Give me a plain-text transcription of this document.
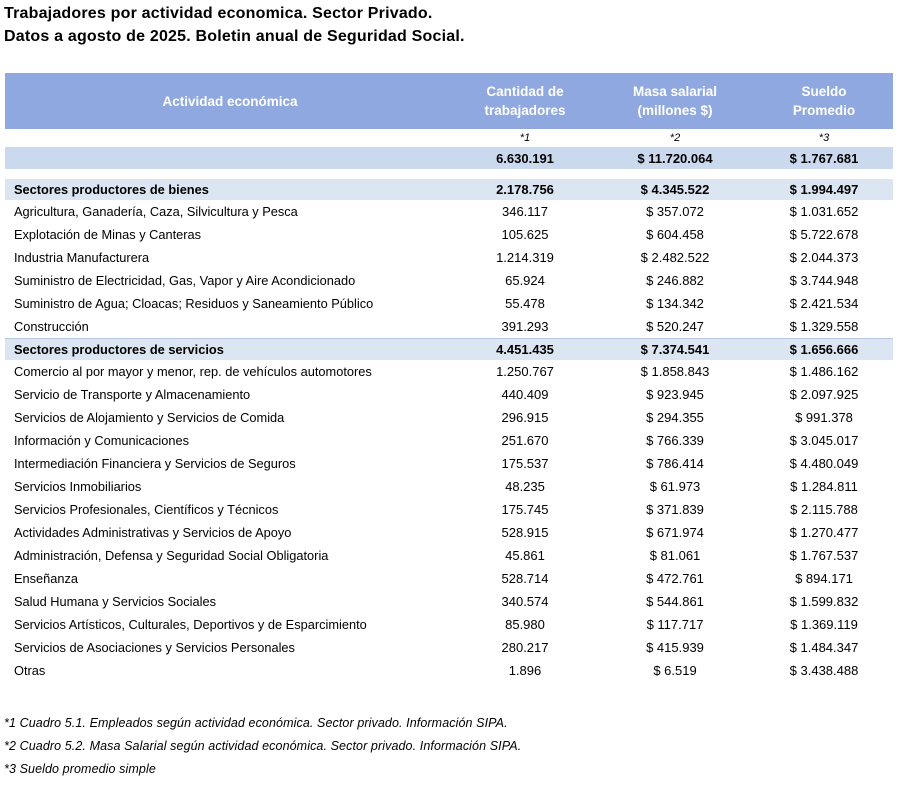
Trabajadores por actividad economica. Sector Privado.
Datos a agosto de 2025. Boletin anual de Seguridad Social.
Actividad económica	
Cantidad de
trabajadores

Masa salarial
(millones $)

Sueldo
Promedio

	*1	*2	*3
	6.630.191	$ 11.720.064	$ 1.767.681
Sectores productores de bienes	2.178.756	$ 4.345.522	$ 1.994.497
Agricultura, Ganadería, Caza, Silvicultura y Pesca	346.117	$ 357.072	$ 1.031.652
Explotación de Minas y Canteras	105.625	$ 604.458	$ 5.722.678
Industria Manufacturera	1.214.319	$ 2.482.522	$ 2.044.373
Suministro de Electricidad, Gas, Vapor y Aire Acondicionado	65.924	$ 246.882	$ 3.744.948
Suministro de Agua; Cloacas; Residuos y Saneamiento Público	55.478	$ 134.342	$ 2.421.534
Construcción	391.293	$ 520.247	$ 1.329.558
Sectores productores de servicios	4.451.435	$ 7.374.541	$ 1.656.666
Comercio al por mayor y menor, rep. de vehículos automotores	1.250.767	$ 1.858.843	$ 1.486.162
Servicio de Transporte y Almacenamiento	440.409	$ 923.945	$ 2.097.925
Servicios de Alojamiento y Servicios de Comida	296.915	$ 294.355	$ 991.378
Información y Comunicaciones	251.670	$ 766.339	$ 3.045.017
Intermediación Financiera y Servicios de Seguros	175.537	$ 786.414	$ 4.480.049
Servicios Inmobiliarios	48.235	$ 61.973	$ 1.284.811
Servicios Profesionales, Científicos y Técnicos	175.745	$ 371.839	$ 2.115.788
Actividades Administrativas y Servicios de Apoyo	528.915	$ 671.974	$ 1.270.477
Administración, Defensa y Seguridad Social Obligatoria	45.861	$ 81.061	$ 1.767.537
Enseñanza	528.714	$ 472.761	$ 894.171
Salud Humana y Servicios Sociales	340.574	$ 544.861	$ 1.599.832
Servicios Artísticos, Culturales, Deportivos y de Esparcimiento	85.980	$ 117.717	$ 1.369.119
Servicios de Asociaciones y Servicios Personales	280.217	$ 415.939	$ 1.484.347
Otras	1.896	$ 6.519	$ 3.438.488
*1 Cuadro 5.1. Empleados según actividad económica. Sector privado. Información SIPA.
*2 Cuadro 5.2. Masa Salarial según actividad económica. Sector privado. Información SIPA.
*3 Sueldo promedio simple
